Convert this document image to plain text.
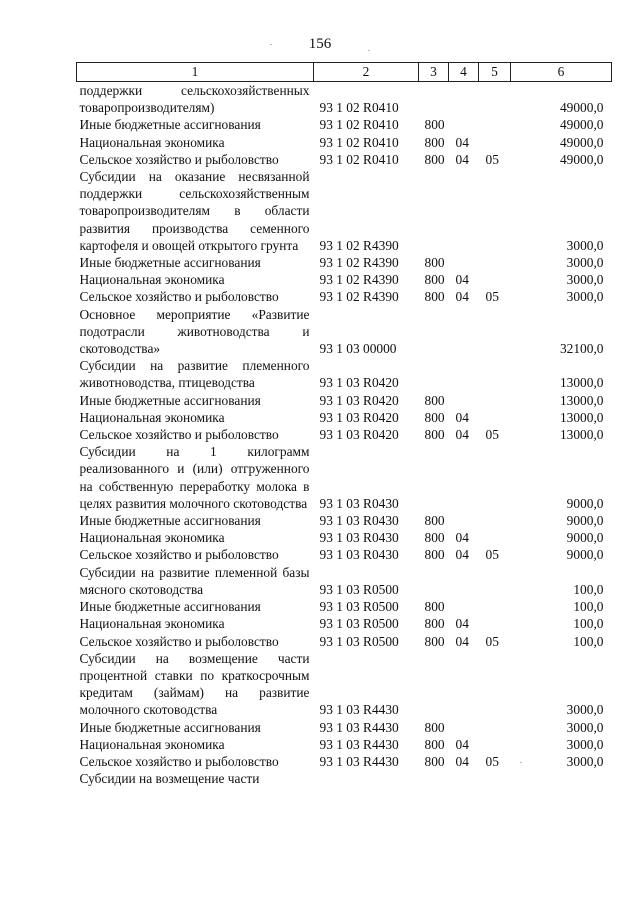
156
1	2	3	4	5	6
поддержки сельскохозяйственных товаропроизводителям)	93 1 02 R0410				49000,0
Иные бюджетные ассигнования	93 1 02 R0410	800			49000,0
Национальная экономика	93 1 02 R0410	800	04		49000,0
Сельское хозяйство и рыболовство	93 1 02 R0410	800	04	05	49000,0
Субсидии на оказание несвязанной поддержки сельскохозяйственным товаропроизводителям в области развития производства семенного картофеля и овощей открытого грунта	93 1 02 R4390				3000,0
Иные бюджетные ассигнования	93 1 02 R4390	800			3000,0
Национальная экономика	93 1 02 R4390	800	04		3000,0
Сельское хозяйство и рыболовство	93 1 02 R4390	800	04	05	3000,0
Основное мероприятие «Развитие подотрасли животноводства и скотоводства»	93 1 03 00000				32100,0
Субсидии на развитие племенного животноводства, птицеводства	93 1 03 R0420				13000,0
Иные бюджетные ассигнования	93 1 03 R0420	800			13000,0
Национальная экономика	93 1 03 R0420	800	04		13000,0
Сельское хозяйство и рыболовство	93 1 03 R0420	800	04	05	13000,0
Субсидии на 1 килограмм реализованного и (или) отгруженного на собственную переработку молока в целях развития молочного скотоводства	93 1 03 R0430				9000,0
Иные бюджетные ассигнования	93 1 03 R0430	800			9000,0
Национальная экономика	93 1 03 R0430	800	04		9000,0
Сельское хозяйство и рыболовство	93 1 03 R0430	800	04	05	9000,0
Субсидии на развитие племенной базы мясного скотоводства	93 1 03 R0500				100,0
Иные бюджетные ассигнования	93 1 03 R0500	800			100,0
Национальная экономика	93 1 03 R0500	800	04		100,0
Сельское хозяйство и рыболовство	93 1 03 R0500	800	04	05	100,0
Субсидии на возмещение части процентной ставки по краткосрочным кредитам (займам) на развитие молочного скотоводства	93 1 03 R4430				3000,0
Иные бюджетные ассигнования	93 1 03 R4430	800			3000,0
Национальная экономика	93 1 03 R4430	800	04		3000,0
Сельское хозяйство и рыболовство	93 1 03 R4430	800	04	05	3000,0
Субсидии на возмещение части					
